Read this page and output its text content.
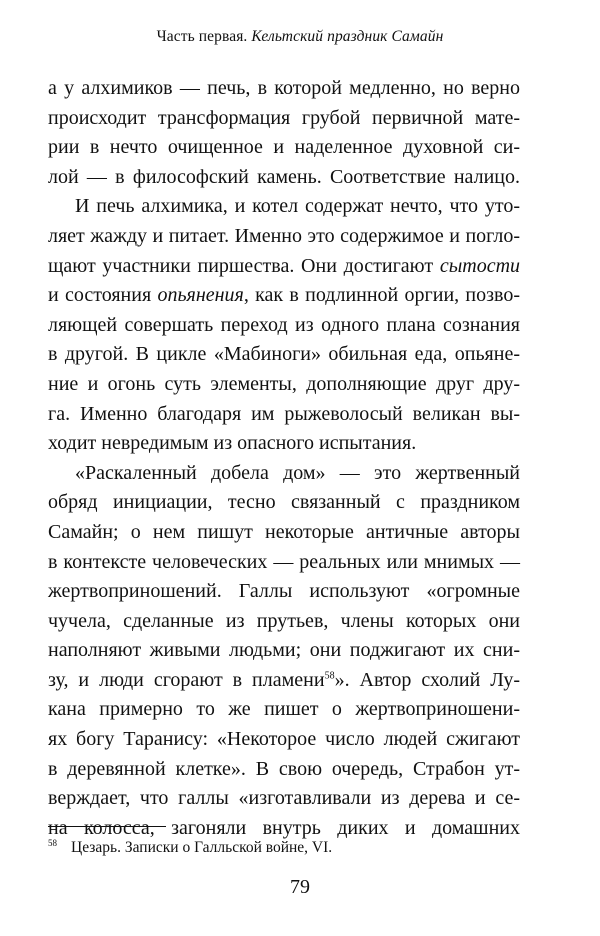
Часть первая. Кельтский праздник Самайн
а у алхимиков — печь, в которой медленно, но верно
происходит трансформация грубой первичной мате-
рии в нечто очищенное и наделенное духовной си-
лой — в философский камень. Соответствие налицо.
И печь алхимика, и котел содержат нечто, что уто-
ляет жажду и питает. Именно это содержимое и погло-
щают участники пиршества. Они достигают сытости
и состояния опьянения, как в подлинной оргии, позво-
ляющей совершать переход из одного плана сознания
в другой. В цикле «Мабиноги» обильная еда, опьяне-
ние и огонь суть элементы, дополняющие друг дру-
га. Именно благодаря им рыжеволосый великан вы-
ходит невредимым из опасного испытания.
«Раскаленный добела дом» — это жертвенный
обряд инициации, тесно связанный с праздником
Самайн; о нем пишут некоторые античные авторы
в контексте человеческих — реальных или мнимых —
жертвоприношений. Галлы используют «огромные
чучела, сделанные из прутьев, члены которых они
наполняют живыми людьми; они поджигают их сни-
зу, и люди сгорают в пламени$^{58}$». Автор схолий Лу-
кана примерно то же пишет о жертвоприношени-
ях богу Таранису: «Некоторое число людей сжигают
в деревянной клетке». В свою очередь, Страбон ут-
верждает, что галлы «изготавливали из дерева и се-
на колосса, загоняли внутрь диких и домашних
$^{58}$ Цезарь. Записки о Галльской войне, VI.
79
